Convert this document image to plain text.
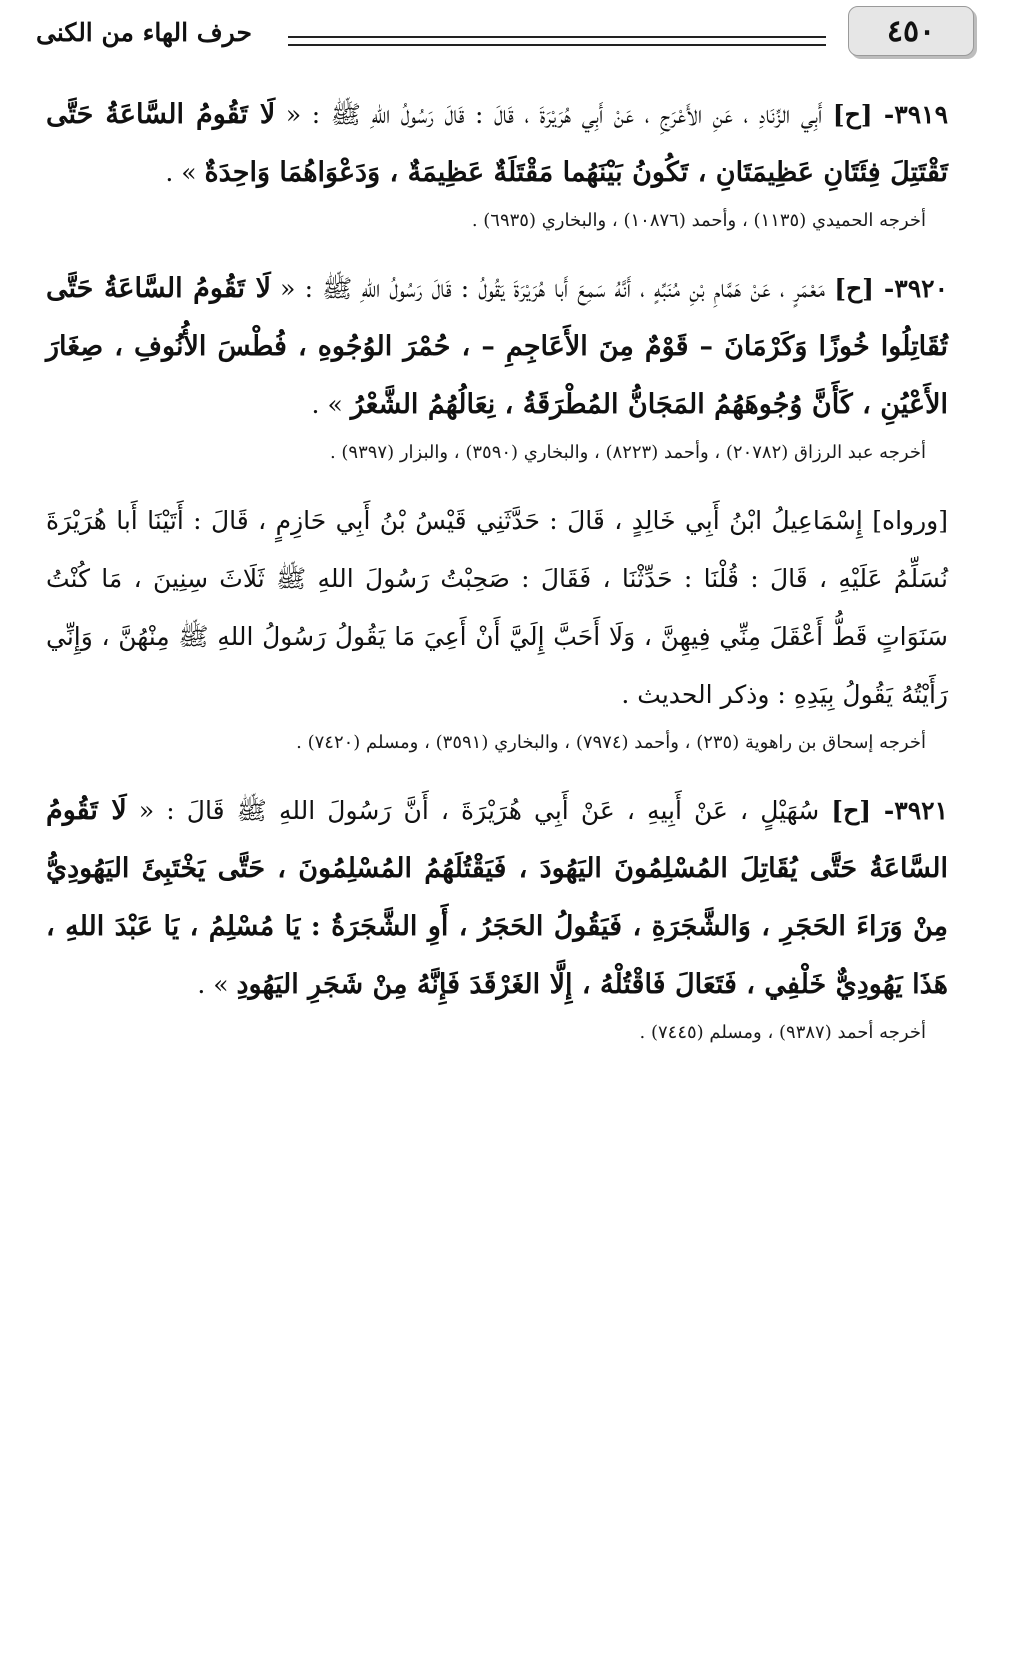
٤٥٠
حرف الهاء من الكنى

٣٩١٩- [ح] أَبِي الزِّنَادِ ، عَنِ الأَعْرَجِ ، عَنْ أَبِي هُرَيْرَةَ ، قَالَ : قَالَ رَسُولُ اللهِ ﷺ : « لَا تَقُومُ السَّاعَةُ حَتَّى تَقْتَتِلَ فِئَتَانِ عَظِيمَتَانِ ، تَكُونُ بَيْنَهُما مَقْتَلَةٌ عَظِيمَةٌ ، وَدَعْوَاهُمَا وَاحِدَةٌ » .

أخرجه الحميدي (١١٣٥) ، وأحمد (١٠٨٧٦) ، والبخاري (٦٩٣٥) .

٣٩٢٠- [ح] مَعْمَرٍ ، عَنْ هَمَّامِ بْنِ مُنَبِّهٍ ، أَنَّهُ سَمِعَ أَبا هُرَيْرَةَ يَقُولُ : قَالَ رَسُولُ اللهِ ﷺ : « لَا تَقُومُ السَّاعَةُ حَتَّى تُقَاتِلُوا خُوزًا وَكَرْمَانَ – قَوْمٌ مِنَ الأَعَاجِمِ – ، حُمْرَ الوُجُوهِ ، فُطْسَ الأُنُوفِ ، صِغَارَ الأَعْيُنِ ، كَأَنَّ وُجُوهَهُمُ المَجَانُّ المُطْرَقَةُ ، نِعَالُهُمُ الشَّعْرُ » .

أخرجه عبد الرزاق (٢٠٧٨٢) ، وأحمد (٨٢٢٣) ، والبخاري (٣٥٩٠) ، والبزار (٩٣٩٧) .

[ورواه] إِسْمَاعِيلُ ابْنُ أَبِي خَالِدٍ ، قَالَ : حَدَّثَنِي قَيْسُ بْنُ أَبِي حَازِمٍ ، قَالَ : أَتَيْنَا أَبا هُرَيْرَةَ نُسَلِّمُ عَلَيْهِ ، قَالَ : قُلْنَا : حَدِّثْنَا ، فَقَالَ : صَحِبْتُ رَسُولَ اللهِ ﷺ ثَلَاثَ سِنِينَ ، مَا كُنْتُ سَنَوَاتٍ قَطُّ أَعْقَلَ مِنِّي فِيهِنَّ ، وَلَا أَحَبَّ إِلَيَّ أَنْ أَعِيَ مَا يَقُولُ رَسُولُ اللهِ ﷺ مِنْهُنَّ ، وَإِنِّي رَأَيْتُهُ يَقُولُ بِيَدِهِ : وذكر الحديث .

أخرجه إسحاق بن راهوية (٢٣٥) ، وأحمد (٧٩٧٤) ، والبخاري (٣٥٩١) ، ومسلم (٧٤٢٠) .

٣٩٢١- [ح] سُهَيْلٍ ، عَنْ أَبِيهِ ، عَنْ أَبِي هُرَيْرَةَ ، أَنَّ رَسُولَ اللهِ ﷺ قَالَ : « لَا تَقُومُ السَّاعَةُ حَتَّى يُقَاتِلَ المُسْلِمُونَ اليَهُودَ ، فَيَقْتُلَهُمُ المُسْلِمُونَ ، حَتَّى يَخْتَبِئَ اليَهُودِيُّ مِنْ وَرَاءَ الحَجَرِ ، وَالشَّجَرَةِ ، فَيَقُولُ الحَجَرُ ، أَوِ الشَّجَرَةُ : يَا مُسْلِمُ ، يَا عَبْدَ اللهِ ، هَذَا يَهُودِيٌّ خَلْفِي ، فَتَعَالَ فَاقْتُلْهُ ، إِلَّا الغَرْقَدَ فَإِنَّهُ مِنْ شَجَرِ اليَهُودِ » .

أخرجه أحمد (٩٣٨٧) ، ومسلم (٧٤٤٥) .
